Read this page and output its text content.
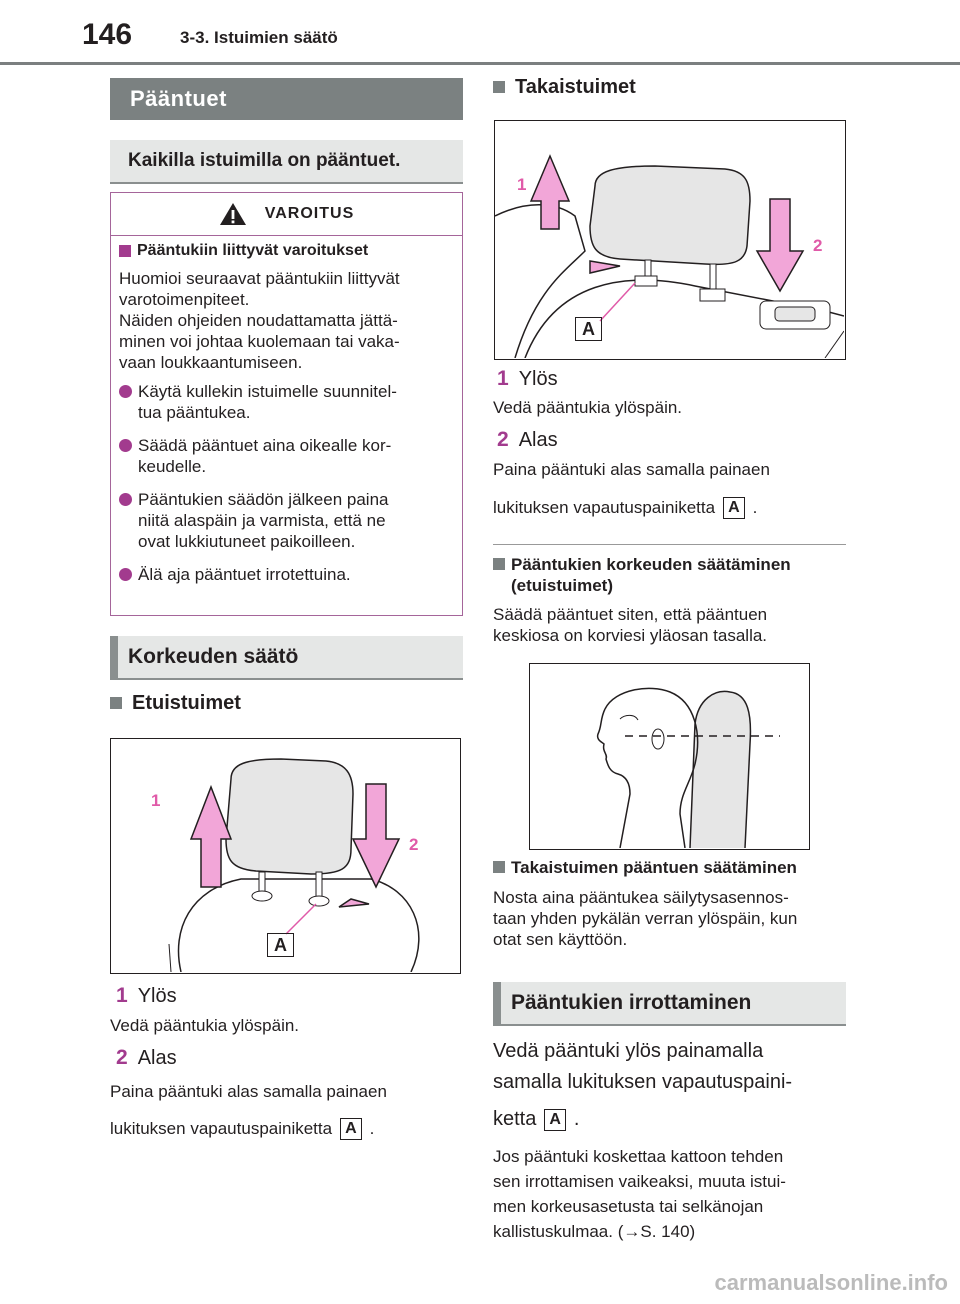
146	3-3. Istuimien säätö
Pääntuet
Kaikilla istuimilla on pääntuet.
VAROITUS
Pääntukiin liittyvät varoitukset
Huomioi seuraavat pääntukiin liittyvät
varotoimenpiteet.
Näiden ohjeiden noudattamatta jättä-
minen voi johtaa kuolemaan tai vaka-
vaan loukkaantumiseen.
Käytä kullekin istuimelle suunnitel-
tua pääntukea.
Säädä pääntuet aina oikealle kor-
keudelle.
Pääntukien säädön jälkeen paina
niitä alaspäin ja varmista, että ne
ovat lukkiutuneet paikoilleen.
Älä aja pääntuet irrotettuina.
Korkeuden säätö
Etuistuimet
1
2
A
1 Ylös
Vedä pääntukia ylöspäin.
2 Alas
Paina pääntuki alas samalla painaen
lukituksen vapautuspainiketta A .
Takaistuimet
1
2
A
1 Ylös
Vedä pääntukia ylöspäin.
2 Alas
Paina pääntuki alas samalla painaen
lukituksen vapautuspainiketta A .
Pääntukien korkeuden säätäminen
(etuistuimet)
Säädä pääntuet siten, että pääntuen
keskiosa on korviesi yläosan tasalla.
Takaistuimen pääntuen säätäminen
Nosta aina pääntukea säilytysasennos-
taan yhden pykälän verran ylöspäin, kun
otat sen käyttöön.
Pääntukien irrottaminen
Vedä pääntuki ylös painamalla
samalla lukituksen vapautuspaini-
ketta A .
Jos pääntuki koskettaa kattoon tehden
sen irrottamisen vaikeaksi, muuta istui-
men korkeusasetusta tai selkänojan
kallistuskulmaa. ( → S. 140)
carmanualsonline.info
